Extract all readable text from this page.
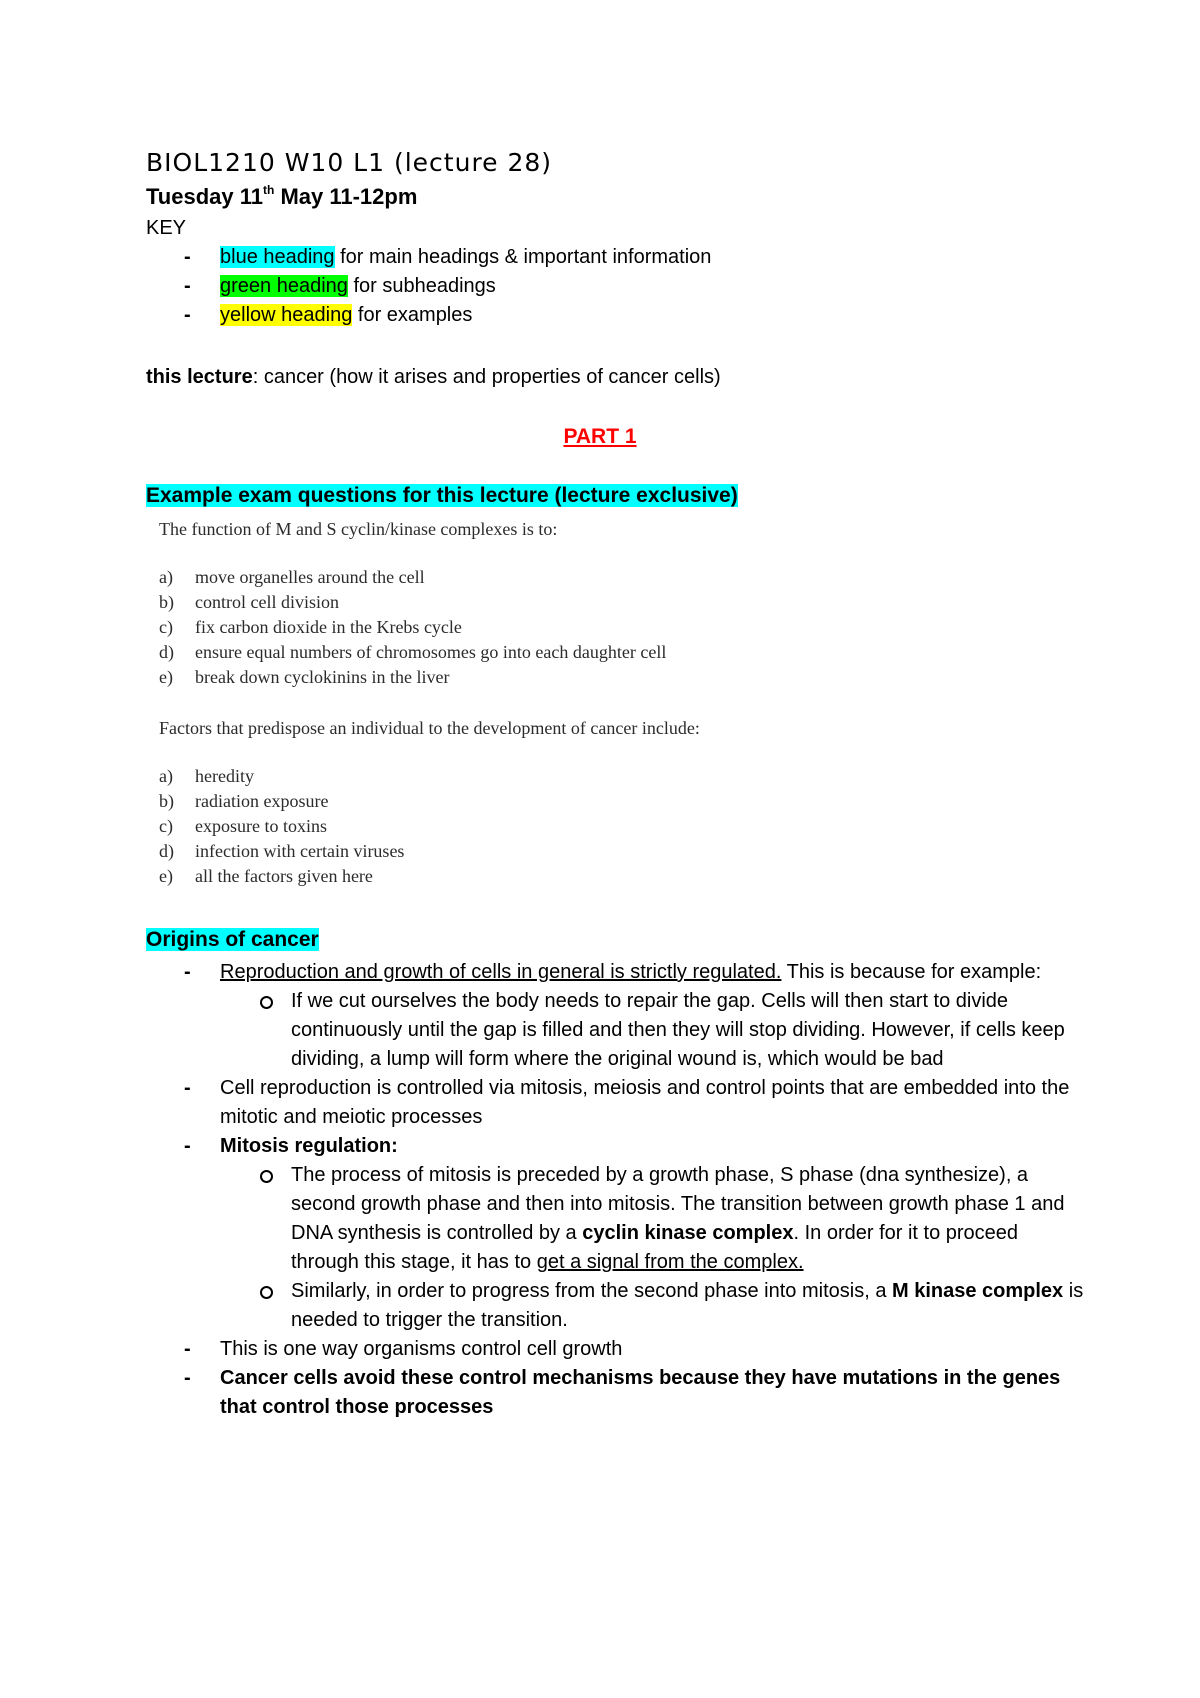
BIOL1210 W10 L1 (lecture 28)
Tuesday 11th May 11-12pm
KEY
- blue heading for main headings & important information
- green heading for subheadings
- yellow heading for examples
this lecture: cancer (how it arises and properties of cancer cells)
PART 1
Example exam questions for this lecture (lecture exclusive)
The function of M and S cyclin/kinase complexes is to:
a) move organelles around the cell
b) control cell division
c) fix carbon dioxide in the Krebs cycle
d) ensure equal numbers of chromosomes go into each daughter cell
e) break down cyclokinins in the liver
Factors that predispose an individual to the development of cancer include:
a) heredity
b) radiation exposure
c) exposure to toxins
d) infection with certain viruses
e) all the factors given here
Origins of cancer
- Reproduction and growth of cells in general is strictly regulated. This is because for example:
If we cut ourselves the body needs to repair the gap. Cells will then start to divide continuously until the gap is filled and then they will stop dividing. However, if cells keep dividing, a lump will form where the original wound is, which would be bad
- Cell reproduction is controlled via mitosis, meiosis and control points that are embedded into the mitotic and meiotic processes
- Mitosis regulation:
The process of mitosis is preceded by a growth phase, S phase (dna synthesize), a second growth phase and then into mitosis. The transition between growth phase 1 and DNA synthesis is controlled by a cyclin kinase complex. In order for it to proceed through this stage, it has to get a signal from the complex.
Similarly, in order to progress from the second phase into mitosis, a M kinase complex is needed to trigger the transition.
- This is one way organisms control cell growth
- Cancer cells avoid these control mechanisms because they have mutations in the genes that control those processes
